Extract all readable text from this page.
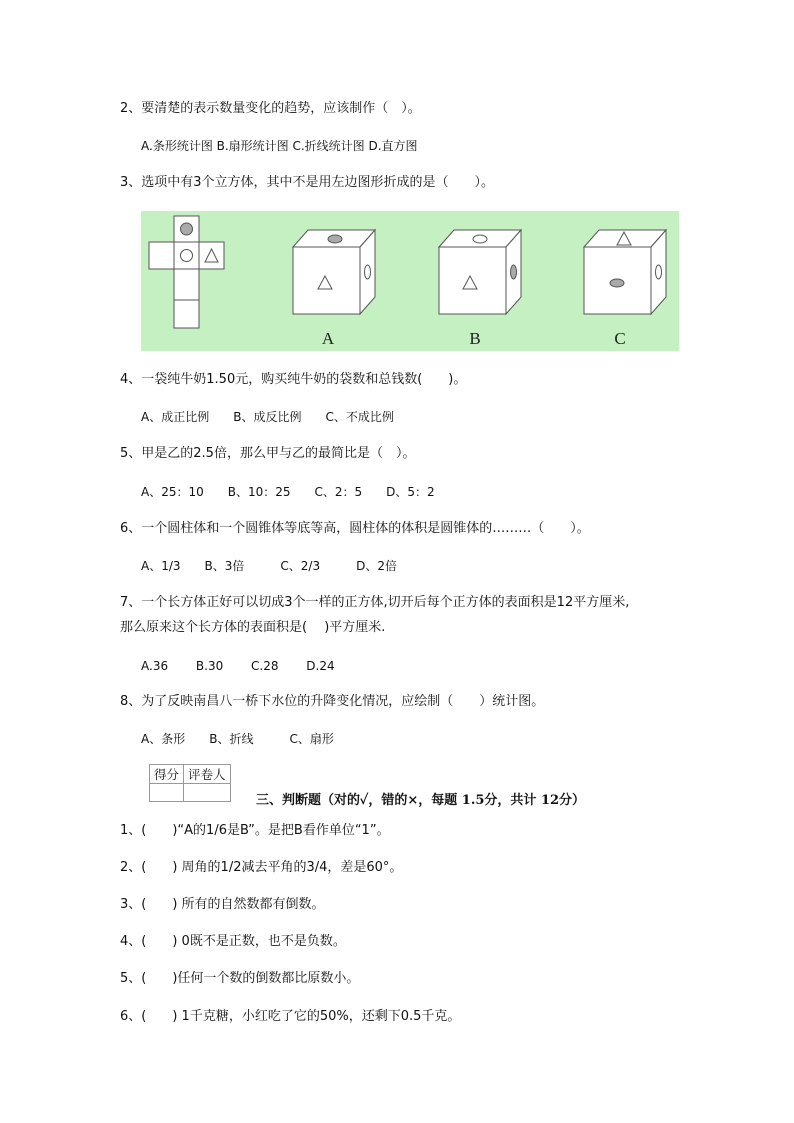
2、要清楚的表示数量变化的趋势，应该制作（　）。
A.条形统计图 B.扇形统计图 C.折线统计图 D.直方图
3、选项中有3个立方体，其中不是用左边图形折成的是（　　）。
A	B	C
4、一袋纯牛奶1.50元，购买纯牛奶的袋数和总钱数(　　)。
A、成正比例　　B、成反比例　　C、不成比例
5、甲是乙的2.5倍，那么甲与乙的最简比是（　）。
A、25：10　　B、10：25　　C、2：5　　D、5：2
6、一个圆柱体和一个圆锥体等底等高，圆柱体的体积是圆锥体的………（　　）。
A、1/3　　B、3倍　　　C、2/3　　　D、2倍
7、一个长方体正好可以切成3个一样的正方体,切开后每个正方体的表面积是12平方厘米,
那么原来这个长方体的表面积是(　 )平方厘米.
A.36　　 B.30　　 C.28　　 D.24
8、为了反映南昌八一桥下水位的升降变化情况，应绘制（　　）统计图。
A、条形　　B、折线　　　C、扇形
得分	评卷人

三、判断题（对的✓，错的×，每题 1.5分，共计 12分）
1、(　　)“A的1/6是B”。是把B看作单位“1”。
2、(　　) 周角的1/2减去平角的3/4，差是60°。
3、(　　) 所有的自然数都有倒数。
4、(　　) 0既不是正数，也不是负数。
5、(　　)任何一个数的倒数都比原数小。
6、(　　) 1千克糖，小红吃了它的50%，还剩下0.5千克。
